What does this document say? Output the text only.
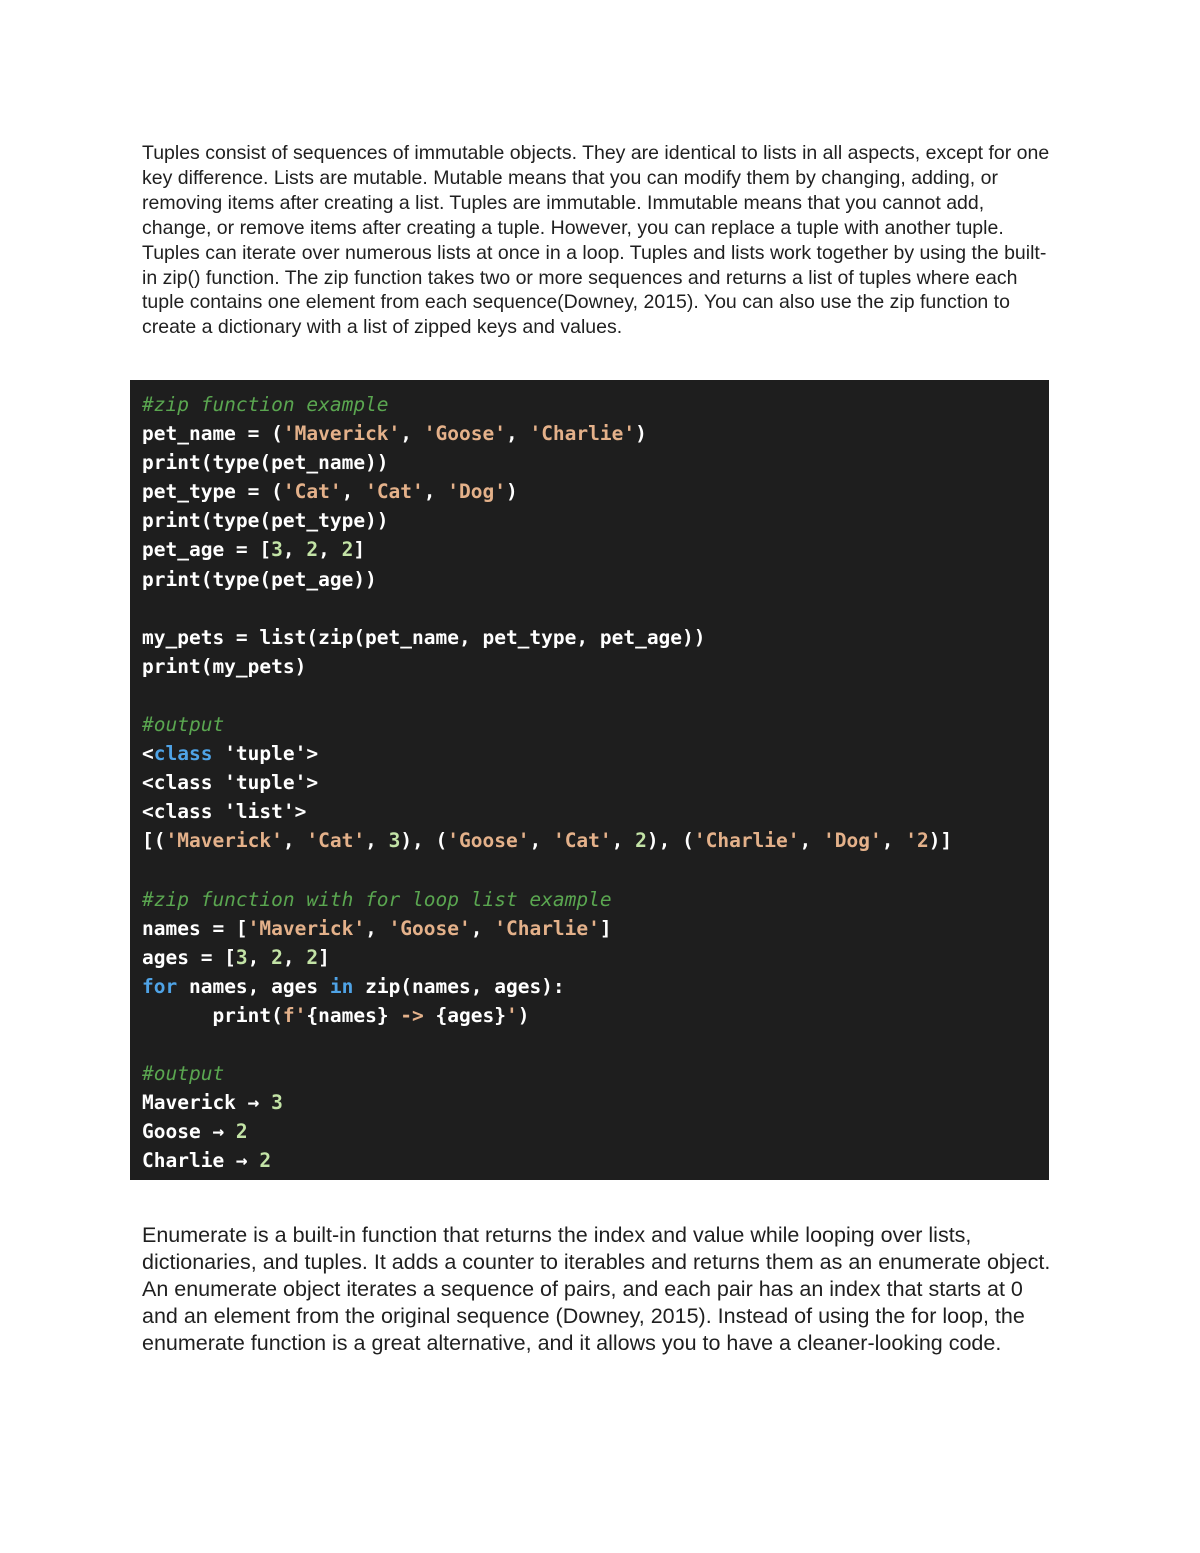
Tuples consist of sequences of immutable objects. They are identical to lists in all aspects, except for one key difference. Lists are mutable. Mutable means that you can modify them by changing, adding, or removing items after creating a list. Tuples are immutable. Immutable means that you cannot add, change, or remove items after creating a tuple. However, you can replace a tuple with another tuple. Tuples can iterate over numerous lists at once in a loop. Tuples and lists work together by using the built-in zip() function. The zip function takes two or more sequences and returns a list of tuples where each tuple contains one element from each sequence(Downey, 2015). You can also use the zip function to create a dictionary with a list of zipped keys and values.

#zip function example
pet_name = ('Maverick', 'Goose', 'Charlie')
print(type(pet_name))
pet_type = ('Cat', 'Cat', 'Dog')
print(type(pet_type))
pet_age = [3, 2, 2]
print(type(pet_age))

my_pets = list(zip(pet_name, pet_type, pet_age))
print(my_pets)

#output
<class 'tuple'>
<class 'tuple'>
<class 'list'>
[('Maverick', 'Cat', 3), ('Goose', 'Cat', 2), ('Charlie', 'Dog', '2)]

#zip function with for loop list example
names = ['Maverick', 'Goose', 'Charlie']
ages = [3, 2, 2]
for names, ages in zip(names, ages):
print(f'{names} -> {ages}')

#output
Maverick → 3
Goose → 2
Charlie → 2

Enumerate is a built-in function that returns the index and value while looping over lists, dictionaries, and tuples. It adds a counter to iterables and returns them as an enumerate object. An enumerate object iterates a sequence of pairs, and each pair has an index that starts at 0 and an element from the original sequence (Downey, 2015). Instead of using the for loop, the enumerate function is a great alternative, and it allows you to have a cleaner-looking code.
